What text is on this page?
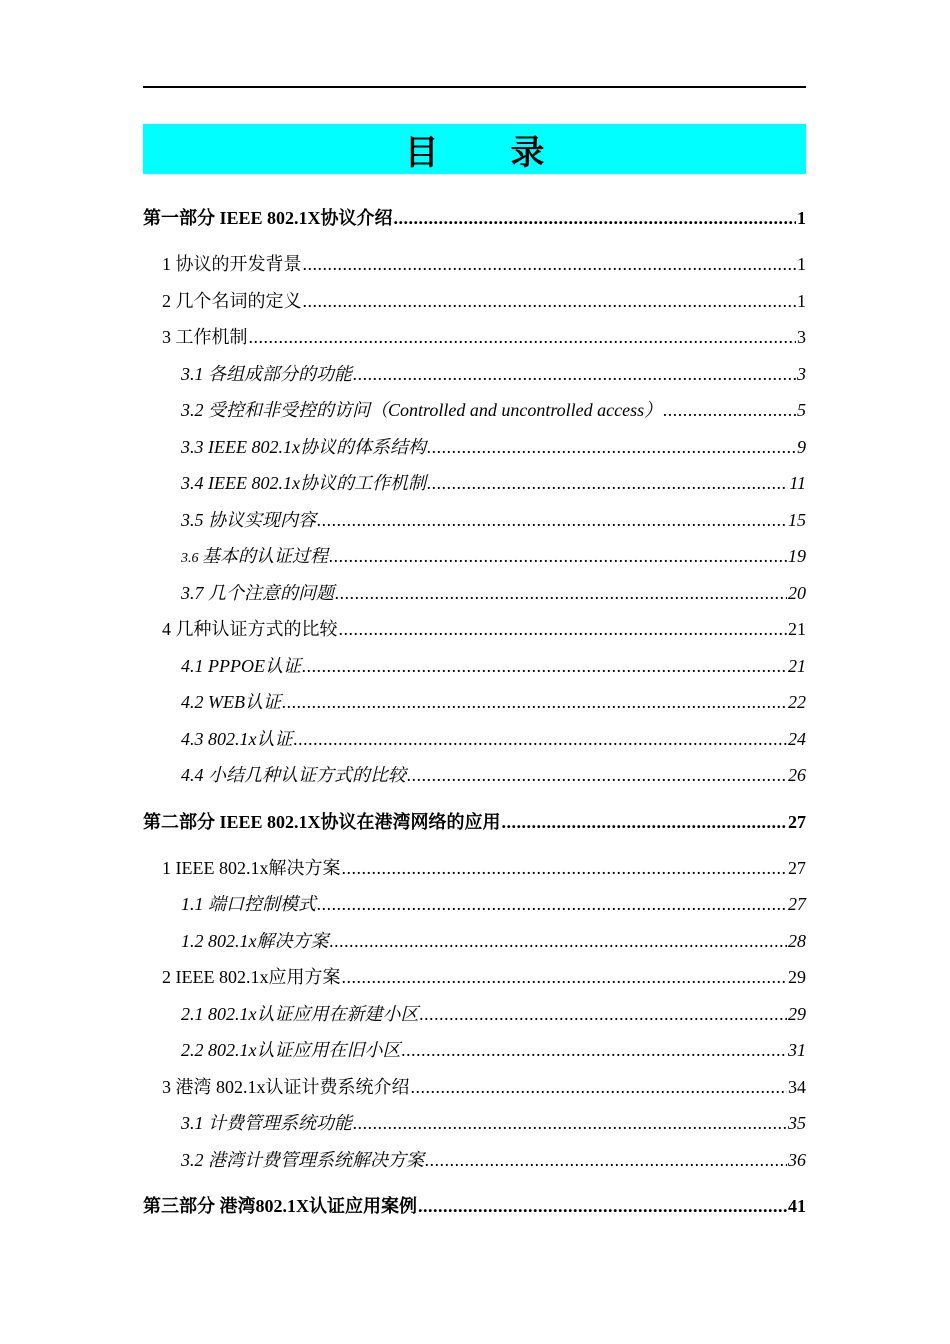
目 录
第一部分 IEEE 802.1X协议介绍 .....	1
1 协议的开发背景 .....	1
2 几个名词的定义 .....	1
3 工作机制 .....	3
3.1 各组成部分的功能 .....	3
3.2 受控和非受控的访问（Controlled and uncontrolled access） .....	5
3.3 IEEE 802.1x协议的体系结构 .....	9
3.4 IEEE 802.1x协议的工作机制 .....	11
3.5 协议实现内容 .....	15
3.6 基本的认证过程 .....	19
3.7 几个注意的问题 .....	20
4 几种认证方式的比较 .....	21
4.1 PPPOE认证 .....	21
4.2 WEB认证 .....	22
4.3 802.1x认证 .....	24
4.4 小结几种认证方式的比较 .....	26
第二部分 IEEE 802.1X协议在港湾网络的应用 .....	27
1 IEEE 802.1x解决方案 .....	27
1.1 端口控制模式 .....	27
1.2 802.1x解决方案 .....	28
2 IEEE 802.1x应用方案 .....	29
2.1 802.1x认证应用在新建小区 .....	29
2.2 802.1x认证应用在旧小区 .....	31
3 港湾 802.1x认证计费系统介绍 .....	34
3.1 计费管理系统功能 .....	35
3.2 港湾计费管理系统解决方案 .....	36
第三部分 港湾802.1X认证应用案例 .....	41
